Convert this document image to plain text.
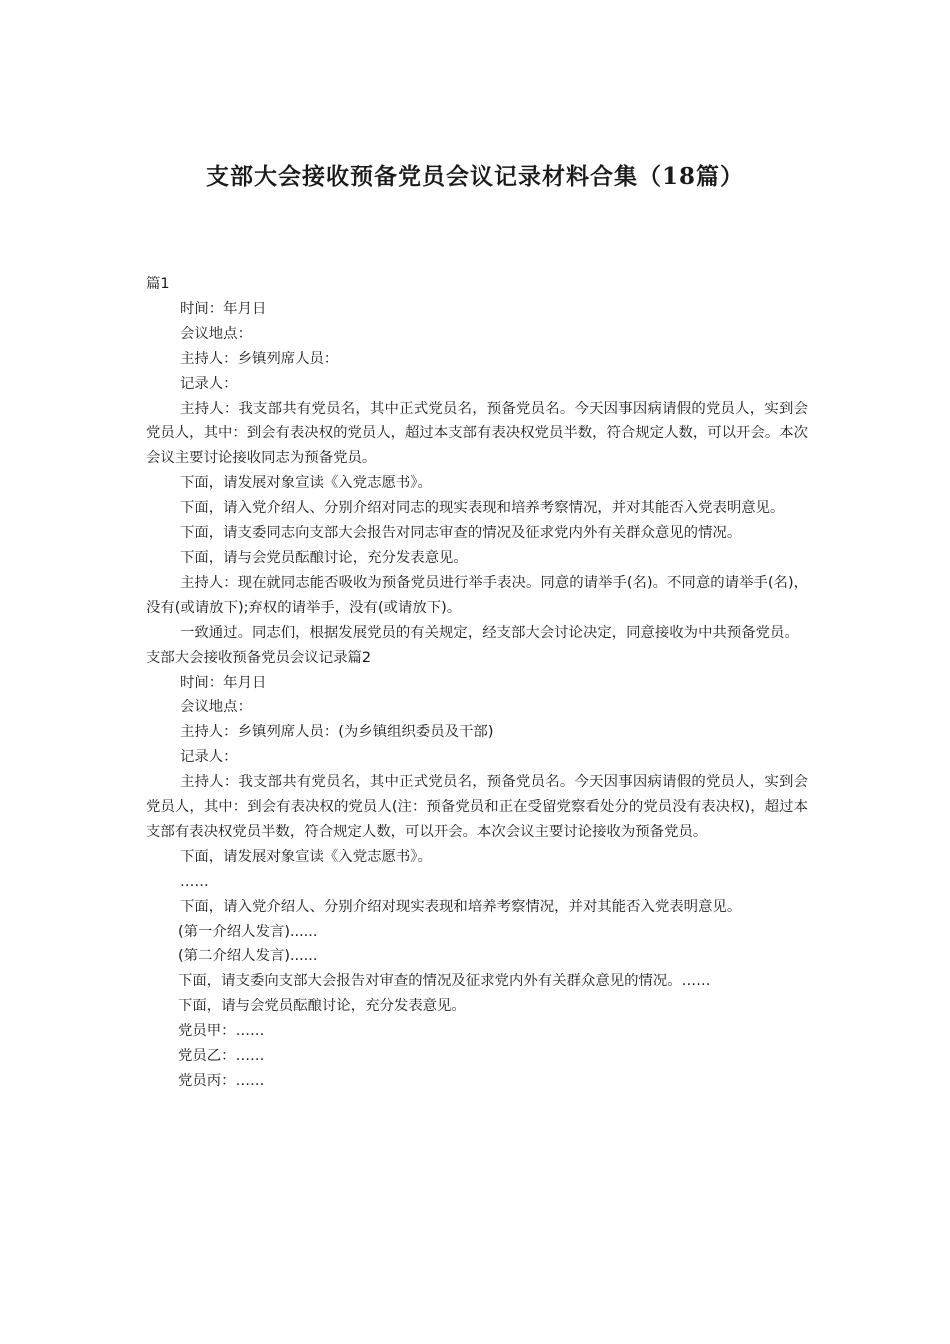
支部大会接收预备党员会议记录材料合集（18篇）

篇1

时间：年月日

会议地点：

主持人：乡镇列席人员：

记录人：

主持人：我支部共有党员名，其中正式党员名，预备党员名。今天因事因病请假的党员人，实到会党员人，其中：到会有表决权的党员人，超过本支部有表决权党员半数，符合规定人数，可以开会。本次会议主要讨论接收同志为预备党员。

下面，请发展对象宣读《入党志愿书》。

下面，请入党介绍人、分别介绍对同志的现实表现和培养考察情况，并对其能否入党表明意见。

下面，请支委同志向支部大会报告对同志审查的情况及征求党内外有关群众意见的情况。

下面，请与会党员酝酿讨论，充分发表意见。

主持人：现在就同志能否吸收为预备党员进行举手表决。同意的请举手(名)。不同意的请举手(名)，没有(或请放下);弃权的请举手，没有(或请放下)。

一致通过。同志们，根据发展党员的有关规定，经支部大会讨论决定，同意接收为中共预备党员。

支部大会接收预备党员会议记录篇2

时间：年月日

会议地点：

主持人：乡镇列席人员：(为乡镇组织委员及干部)

记录人：

主持人：我支部共有党员名，其中正式党员名，预备党员名。今天因事因病请假的党员人，实到会党员人，其中：到会有表决权的党员人(注：预备党员和正在受留党察看处分的党员没有表决权)，超过本支部有表决权党员半数，符合规定人数，可以开会。本次会议主要讨论接收为预备党员。

下面，请发展对象宣读《入党志愿书》。

……

下面，请入党介绍人、分别介绍对现实表现和培养考察情况，并对其能否入党表明意见。

(第一介绍人发言)......

(第二介绍人发言)......

下面，请支委向支部大会报告对审查的情况及征求党内外有关群众意见的情况。……

下面，请与会党员酝酿讨论，充分发表意见。

党员甲：……

党员乙：……

党员丙：……
